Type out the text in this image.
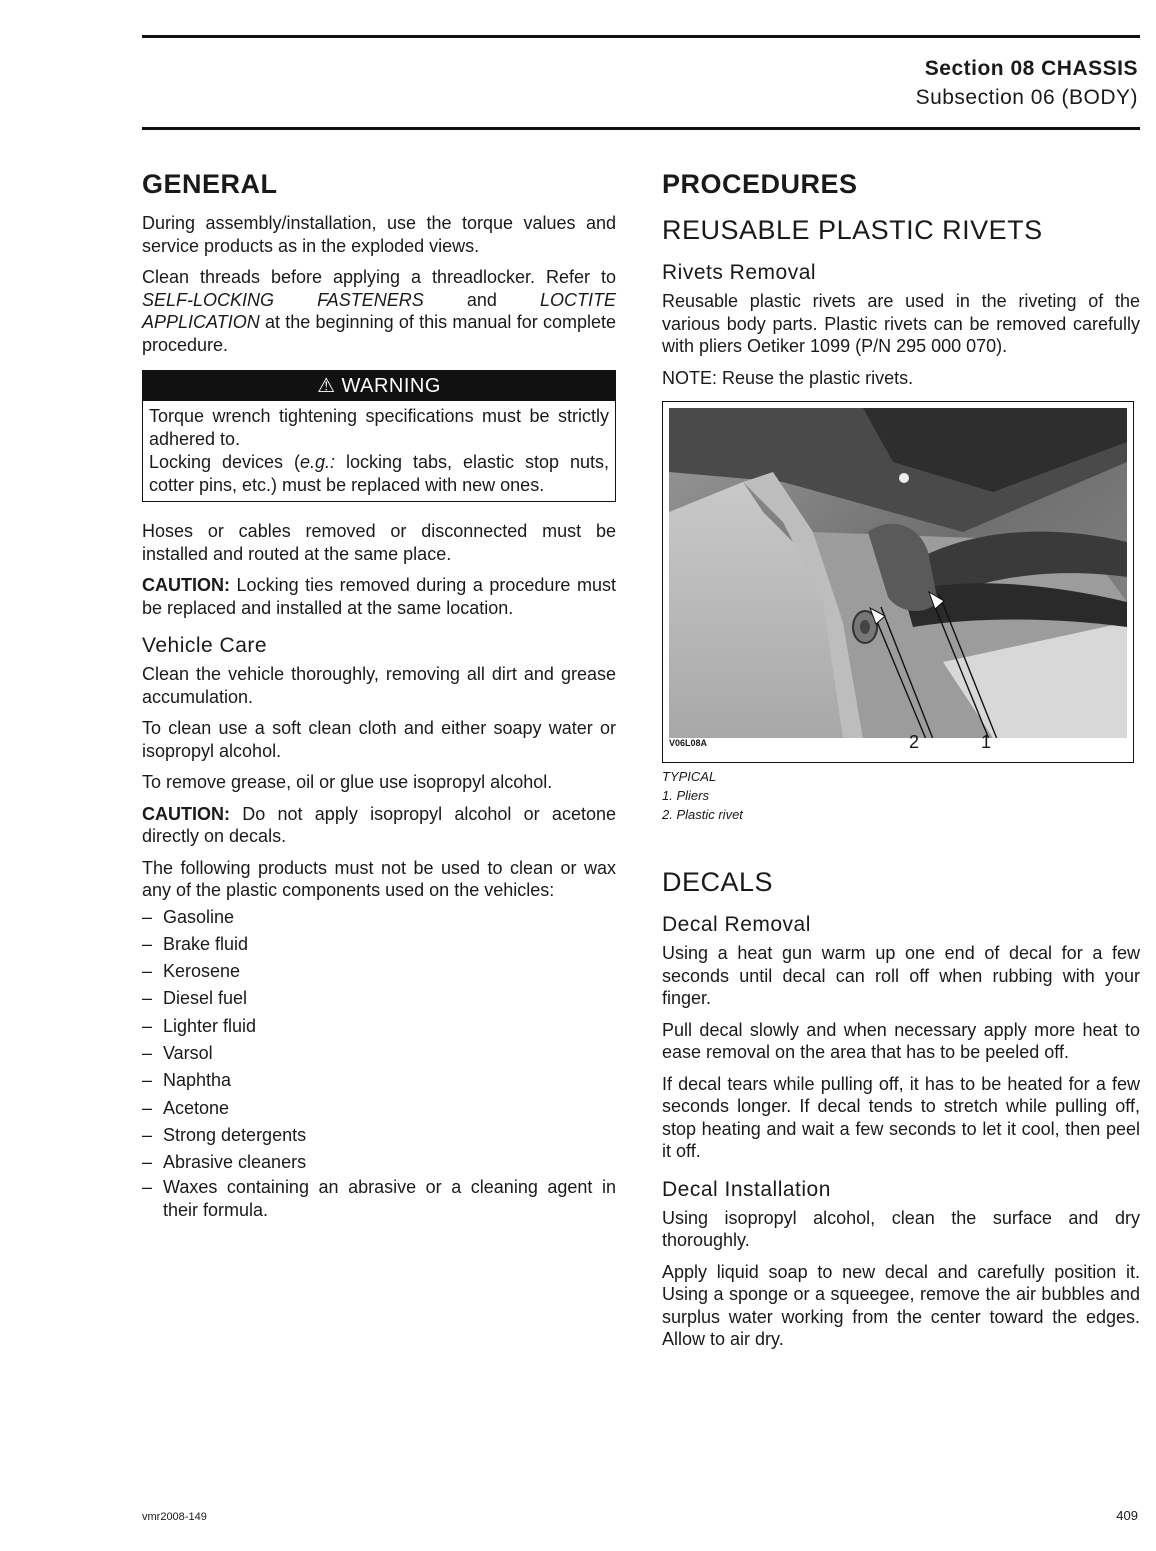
Section 08 CHASSIS
Subsection 06 (BODY)
GENERAL

During assembly/installation, use the torque values and service products as in the exploded views.

Clean threads before applying a threadlocker. Refer to SELF-LOCKING FASTENERS and LOCTITE APPLICATION at the beginning of this manual for complete procedure.

⚠ WARNING

Torque wrench tightening specifications must be strictly adhered to.

Locking devices (e.g.: locking tabs, elastic stop nuts, cotter pins, etc.) must be replaced with new ones.

Hoses or cables removed or disconnected must be installed and routed at the same place.

CAUTION: Locking ties removed during a procedure must be replaced and installed at the same location.

Vehicle Care

Clean the vehicle thoroughly, removing all dirt and grease accumulation.

To clean use a soft clean cloth and either soapy water or isopropyl alcohol.

To remove grease, oil or glue use isopropyl alcohol.

CAUTION: Do not apply isopropyl alcohol or acetone directly on decals.

The following products must not be used to clean or wax any of the plastic components used on the vehicles:

– Gasoline
– Brake fluid
– Kerosene
– Diesel fuel
– Lighter fluid
– Varsol
– Naphtha
– Acetone
– Strong detergents
– Abrasive cleaners
– Waxes containing an abrasive or a cleaning agent in their formula.
PROCEDURES
REUSABLE PLASTIC RIVETS
Rivets Removal

Reusable plastic rivets are used in the riveting of the various body parts. Plastic rivets can be removed carefully with pliers Oetiker 1099 (P/N 295 000 070).

NOTE: Reuse the plastic rivets.

V06L08A	2	1
TYPICAL
1. Pliers
2. Plastic rivet
DECALS
Decal Removal

Using a heat gun warm up one end of decal for a few seconds until decal can roll off when rubbing with your finger.

Pull decal slowly and when necessary apply more heat to ease removal on the area that has to be peeled off.

If decal tears while pulling off, it has to be heated for a few seconds longer. If decal tends to stretch while pulling off, stop heating and wait a few seconds to let it cool, then peel it off.

Decal Installation

Using isopropyl alcohol, clean the surface and dry thoroughly.

Apply liquid soap to new decal and carefully position it. Using a sponge or a squeegee, remove the air bubbles and surplus water working from the center toward the edges. Allow to air dry.

vmr2008-149	409
